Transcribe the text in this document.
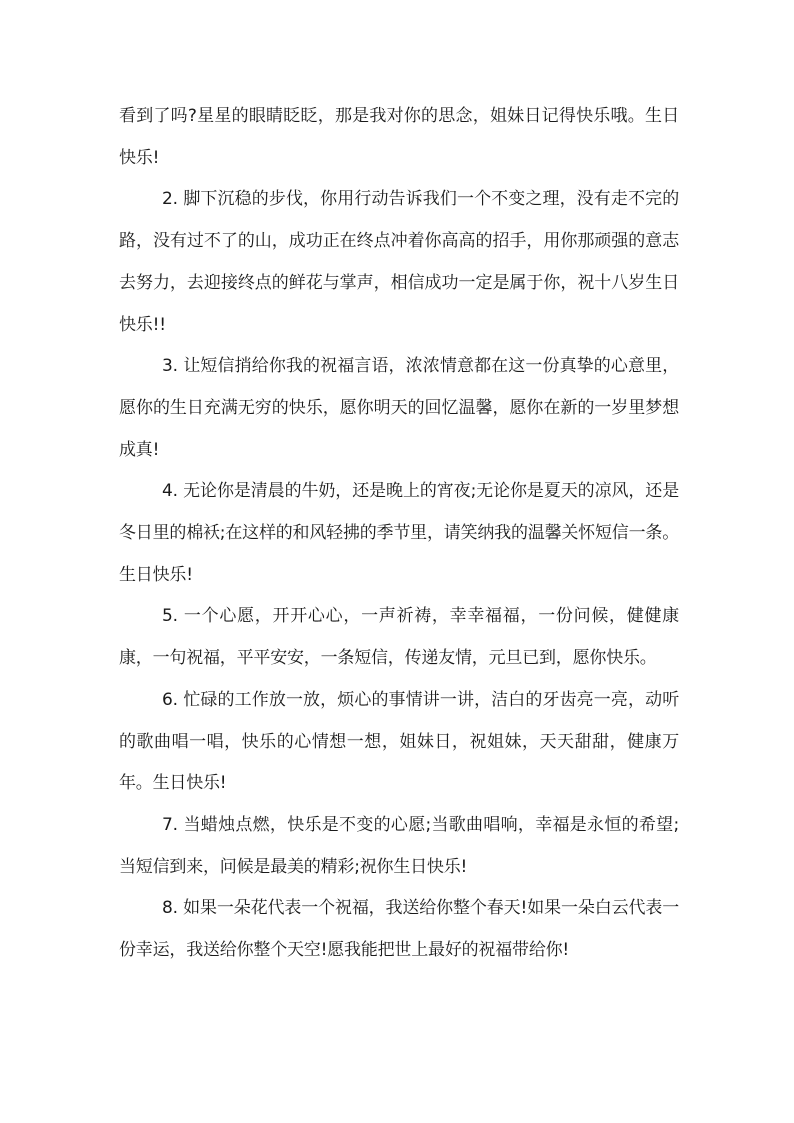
看到了吗?星星的眼睛眨眨，那是我对你的思念，姐妹日记得快乐哦。生日快乐!

2. 脚下沉稳的步伐，你用行动告诉我们一个不变之理，没有走不完的路，没有过不了的山，成功正在终点冲着你高高的招手，用你那顽强的意志去努力，去迎接终点的鲜花与掌声，相信成功一定是属于你，祝十八岁生日快乐!!

3. 让短信捎给你我的祝福言语，浓浓情意都在这一份真挚的心意里，愿你的生日充满无穷的快乐，愿你明天的回忆温馨，愿你在新的一岁里梦想成真!

4. 无论你是清晨的牛奶，还是晚上的宵夜;无论你是夏天的凉风，还是冬日里的棉袄;在这样的和风轻拂的季节里，请笑纳我的温馨关怀短信一条。生日快乐!

5. 一个心愿，开开心心，一声祈祷，幸幸福福，一份问候，健健康康，一句祝福，平平安安，一条短信，传递友情，元旦已到，愿你快乐。

6. 忙碌的工作放一放，烦心的事情讲一讲，洁白的牙齿亮一亮，动听的歌曲唱一唱，快乐的心情想一想，姐妹日，祝姐妹，天天甜甜，健康万年。生日快乐!

7. 当蜡烛点燃，快乐是不变的心愿;当歌曲唱响，幸福是永恒的希望;当短信到来，问候是最美的精彩;祝你生日快乐!

8. 如果一朵花代表一个祝福，我送给你整个春天!如果一朵白云代表一份幸运，我送给你整个天空!愿我能把世上最好的祝福带给你!
